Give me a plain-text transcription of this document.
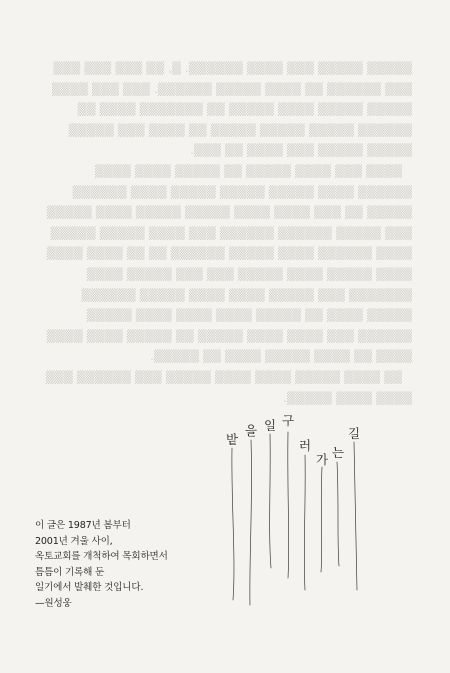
▒▒▒▒▒ ▒▒▒▒▒ ▒▒▒ ▒▒▒▒ ▒▒▒▒▒▒. ▒, ▒▒ ▒▒▒ ▒▒▒ ▒▒▒ ▒▒▒ ▒▒▒▒▒▒ ▒▒ ▒▒▒▒ ▒▒▒▒▒ ▒▒▒▒▒▒. ▒▒▒ ▒▒▒ ▒▒▒▒ ▒▒▒▒▒ ▒▒▒▒▒ ▒▒▒▒ ▒▒▒▒▒ ▒▒ ▒▒▒▒▒▒▒ ▒▒▒▒ ▒▒ ▒▒▒▒▒▒ ▒▒▒▒▒ ▒▒▒▒▒ ▒▒▒▒▒ ▒▒ ▒▒▒▒ ▒▒▒ ▒▒▒▒▒ ▒▒▒▒▒ ▒▒▒▒▒ ▒▒▒ ▒▒▒▒ ▒▒ ▒▒▒.

▒▒▒▒ ▒▒▒ ▒▒▒▒ ▒▒▒▒▒ ▒▒ ▒▒▒▒▒ ▒▒▒▒ ▒▒▒▒ ▒▒▒▒▒▒ ▒▒▒▒ ▒▒▒▒▒ ▒▒▒▒▒ ▒▒▒▒▒ ▒▒▒▒ ▒▒▒▒▒▒ ▒▒▒▒▒ ▒▒ ▒▒▒ ▒▒▒▒ ▒▒▒▒ ▒▒▒▒▒ ▒▒▒▒▒ ▒▒▒▒ ▒▒▒▒▒ ▒▒▒ ▒▒▒▒▒ ▒▒▒▒▒▒ ▒▒▒▒▒▒ ▒▒▒ ▒▒▒▒ ▒▒▒▒▒ ▒▒▒▒▒ ▒▒▒▒ ▒▒▒▒▒▒ ▒▒▒▒ ▒▒▒▒▒ ▒▒▒▒▒▒ ▒▒ ▒▒ ▒▒▒▒ ▒▒▒▒ ▒▒▒▒ ▒▒▒▒▒ ▒▒▒▒ ▒▒▒▒▒ ▒▒▒ ▒▒▒ ▒▒▒▒▒ ▒▒▒▒ ▒▒▒▒▒▒▒ ▒▒▒ ▒▒▒▒▒ ▒▒▒▒ ▒▒▒▒ ▒▒▒▒▒ ▒▒▒▒▒▒ ▒▒▒▒▒ ▒▒▒▒ ▒▒ ▒▒▒▒▒ ▒▒▒▒ ▒▒▒▒ ▒▒▒▒ ▒▒▒▒▒ ▒▒▒▒▒▒ ▒▒▒ ▒▒▒▒ ▒▒▒▒ ▒▒▒▒▒ ▒▒ ▒▒▒▒▒ ▒▒▒▒ ▒▒▒▒ ▒▒▒▒ ▒▒ ▒▒▒▒ ▒▒▒▒▒ ▒▒▒▒ ▒▒ ▒▒▒▒▒.

▒▒ ▒▒▒▒ ▒▒▒▒▒ ▒▒▒▒ ▒▒▒▒ ▒▒▒▒▒ ▒▒▒ ▒▒▒▒▒▒ ▒▒▒ ▒▒▒▒ ▒▒▒▒ ▒▒▒▒▒.

밭
을 일 구
러
가 는
길
이 글은 1987년 봄부터
2001년 겨울 사이,
옥토교회를 개척하여 목회하면서
틈틈이 기록해 둔
일기에서 발췌한 것입니다.
—원성웅
